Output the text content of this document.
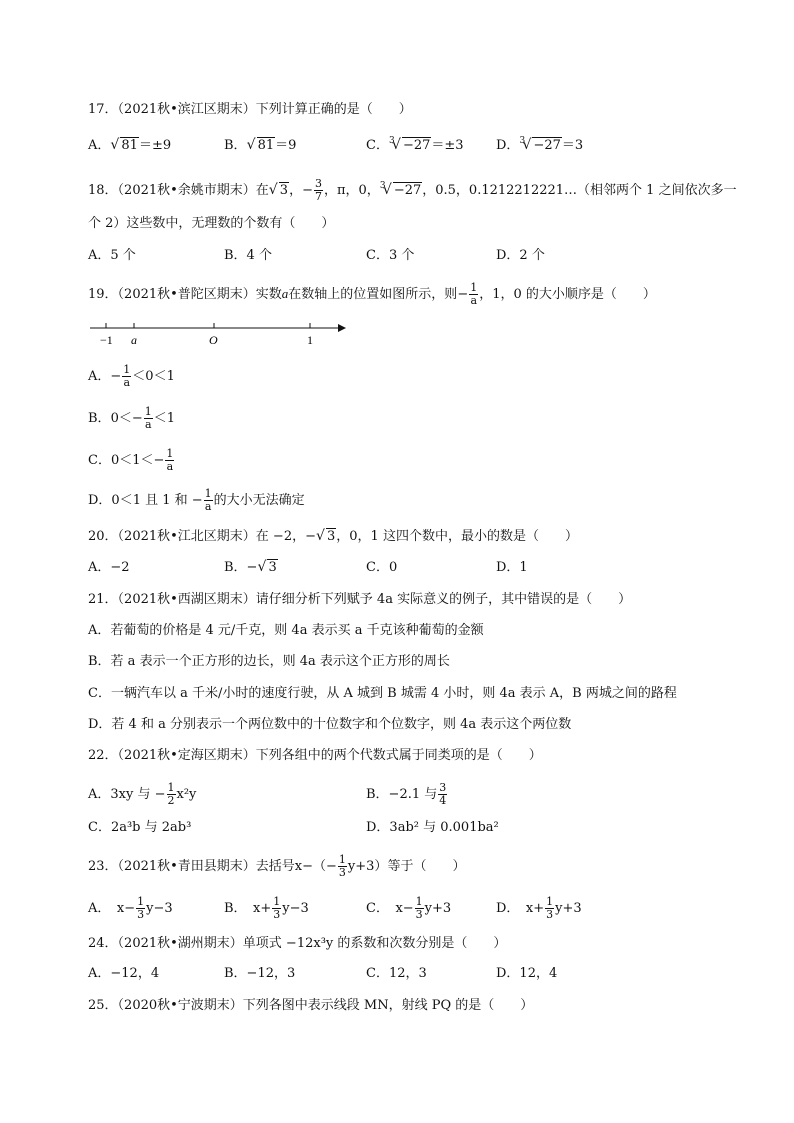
17．（2021秋•滨江区期末）下列计算正确的是（　　）
A． √ 81＝±9	B． √ 81＝9	C． √ 3 −27＝±3 D． √ 3 −27＝3
18．（2021秋•余姚市期末）在 √ 3，− $\frac{3}{7}$ ，π，0， √ 3 −27，0.5，0.1212212221…（相邻两个 1 之间依次多一
个 2）这些数中，无理数的个数有（　　）
A．5 个	B．4 个	C．3 个	D．2 个
19．（2021秋•普陀区期末）实数a在数轴上的位置如图所示，则− $\frac{1}{a}$ ，1，0 的大小顺序是（　　）
−1 a	O	1
A．− $\frac{1}{a} <0<1$
B．$0<- \frac{1}{a} <1$
C．$0<1<- \frac{1}{a}$
D．0＜1 且 1 和 − $\frac{1}{a}$ 的大小无法确定
20．（2021秋•江北区期末）在 −2，− √ 3，0，1 这四个数中，最小的数是（　　）
A．−2	B．− √ 3	C．0	D．1
21．（2021秋•西湖区期末）请仔细分析下列赋予 4a 实际意义的例子，其中错误的是（　　）
A．若葡萄的价格是 4 元/千克，则 4a 表示买 a 千克该种葡萄的金额
B．若 a 表示一个正方形的边长，则 4a 表示这个正方形的周长
C．一辆汽车以 a 千米/小时的速度行驶，从 A 城到 B 城需 4 小时，则 4a 表示 A，B 两城之间的路程
D．若 4 和 a 分别表示一个两位数中的十位数字和个位数字，则 4a 表示这个两位数
22．（2021秋•定海区期末）下列各组中的两个代数式属于同类项的是（　　）
A．3xy 与 − $\frac{1}{2} x^2y$	B．−2.1 与 $\frac{3}{4}$
C．2a³b 与 2ab³	D．3ab² 与 0.001ba²
23．（2021秋•青田县期末）去括号$x-(- \frac{1}{3} y+3)$等于（　　）
A．　$x- \frac{1}{3} y-3$	B．　$x+ \frac{1}{3} y-3$	C．　$x- \frac{1}{3} y+3$	D．　$x+ \frac{1}{3} y+3$
24．（2021秋•湖州期末）单项式 −12x³y 的系数和次数分别是（　　）
A．−12，4	B．−12，3	C．12，3	D．12，4
25．（2020秋•宁波期末）下列各图中表示线段 MN，射线 PQ 的是（　　）
